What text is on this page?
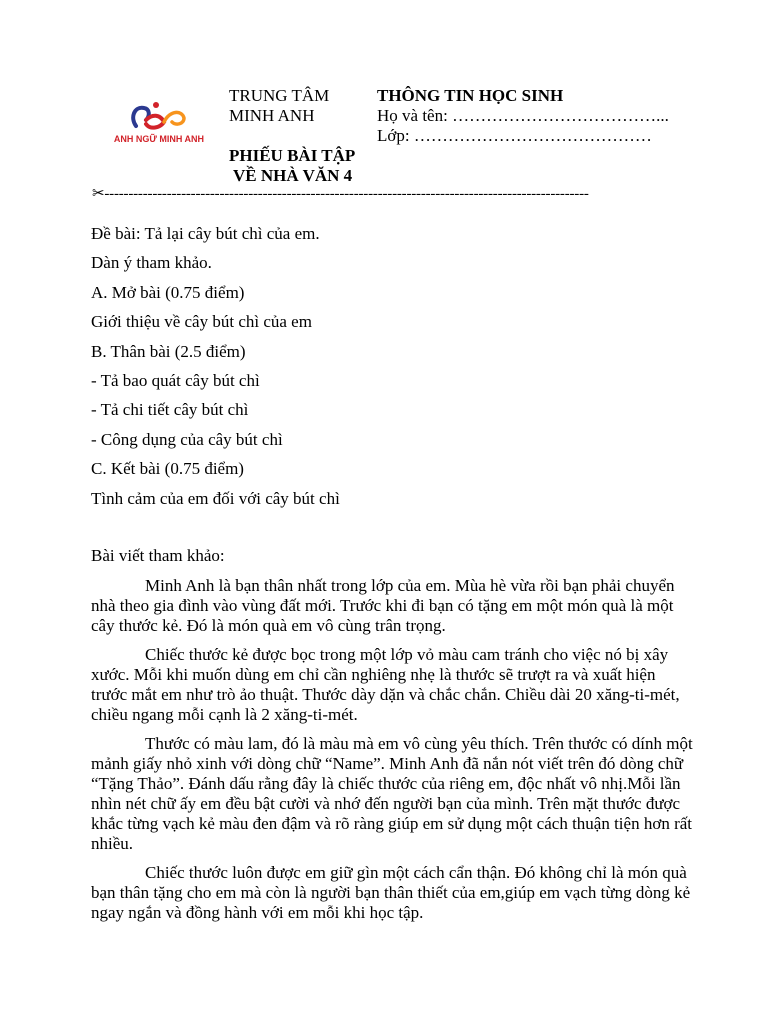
ANH NGỮ MINH ANH
TRUNG TÂM
MINH ANH
PHIẾU BÀI TẬP
VỀ NHÀ VĂN 4
THÔNG TIN HỌC SINH
Họ và tên: ………………………………...
Lớp: ……………………………………
✂-----------------------------------------------------------------------------------------------------

Đề bài: Tả lại cây bút chì của em.

Dàn ý tham khảo.

A. Mở bài (0.75 điểm)

Giới thiệu về cây bút chì của em

B. Thân bài (2.5 điểm)

- Tả bao quát cây bút chì

- Tả chi tiết cây bút chì

- Công dụng của cây bút chì

C. Kết bài (0.75 điểm)

Tình cảm của em đối với cây bút chì

Bài viết tham khảo:

Minh Anh là bạn thân nhất trong lớp của em. Mùa hè vừa rồi bạn phải chuyển nhà theo gia đình vào vùng đất mới. Trước khi đi bạn có tặng em một món quà là một cây thước kẻ. Đó là món quà em vô cùng trân trọng.

Chiếc thước kẻ được bọc trong một lớp vỏ màu cam tránh cho việc nó bị xây xước. Mỗi khi muốn dùng em chỉ cần nghiêng nhẹ là thước sẽ trượt ra và xuất hiện trước mắt em như trò ảo thuật. Thước dày dặn và chắc chắn. Chiều dài 20 xăng-ti-mét, chiều ngang mỗi cạnh là 2 xăng-ti-mét.

Thước có màu lam, đó là màu mà em vô cùng yêu thích. Trên thước có dính một mảnh giấy nhỏ xinh với dòng chữ “Name”. Minh Anh đã nắn nót viết trên đó dòng chữ “Tặng Thảo”. Đánh dấu rằng đây là chiếc thước của riêng em, độc nhất vô nhị.Mỗi lần nhìn nét chữ ấy em đều bật cười và nhớ đến người bạn của mình. Trên mặt thước được khắc từng vạch kẻ màu đen đậm và rõ ràng giúp em sử dụng một cách thuận tiện hơn rất nhiều.

Chiếc thước luôn được em giữ gìn một cách cẩn thận. Đó không chỉ là món quà bạn thân tặng cho em mà còn là người bạn thân thiết của em,giúp em vạch từng dòng kẻ ngay ngắn và đồng hành với em mỗi khi học tập.
